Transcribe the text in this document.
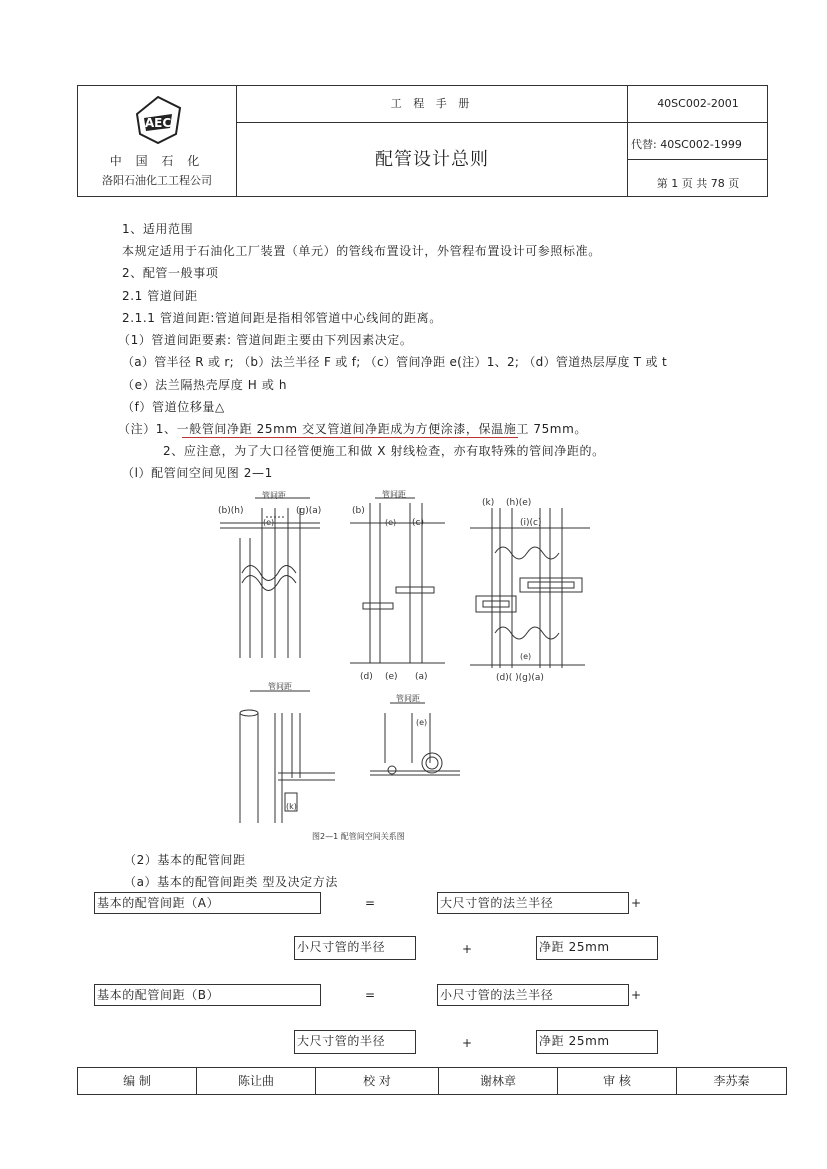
AEC
中 国 石 化
洛阳石油化工工程公司
工 程 手 册
配管设计总则
40SC002-2001
代替: 40SC002-1999
第 1 页 共 78 页
1、适用范围
本规定适用于石油化工厂装置（单元）的管线布置设计，外管程布置设计可参照标准。
2、配管一般事项
2.1 管道间距
2.1.1 管道间距:管道间距是指相邻管道中心线间的距离。
（1）管道间距要素: 管道间距主要由下列因素决定。
（a）管半径 R 或 r; （b）法兰半径 F 或 f; （c）管间净距 e(注）1、2; （d）管道热层厚度 T 或 t
（e）法兰隔热壳厚度 H 或 h
（f）管道位移量△
（注）1、一般管间净距 25mm 交叉管道间净距成为方便涂漆，保温施工 75mm。
2、应注意，为了大口径管便施工和做 X 射线检查，亦有取特殊的管间净距的。
（l）配管间空间见图 2—1
管间距
(b)(h)
(e)
(g)(a)
管间距
(b)
(e) (c)
(d) (e) (a)
(k) (h)(e)
(i)(c)
(e)
(d)( )(g)(a)
管间距
(k)
管间距
(e)
图2—1 配管间空间关系图
（2）基本的配管间距
（a）基本的配管间距类 型及决定方法
基本的配管间距（A）	=	大尺寸管的法兰半径	+
小尺寸管的半径	+	净距 25mm
基本的配管间距（B）	=	小尺寸管的法兰半径	+
大尺寸管的半径	+	净距 25mm
编 制	陈让曲	校 对	谢林章	审 核	李苏秦
